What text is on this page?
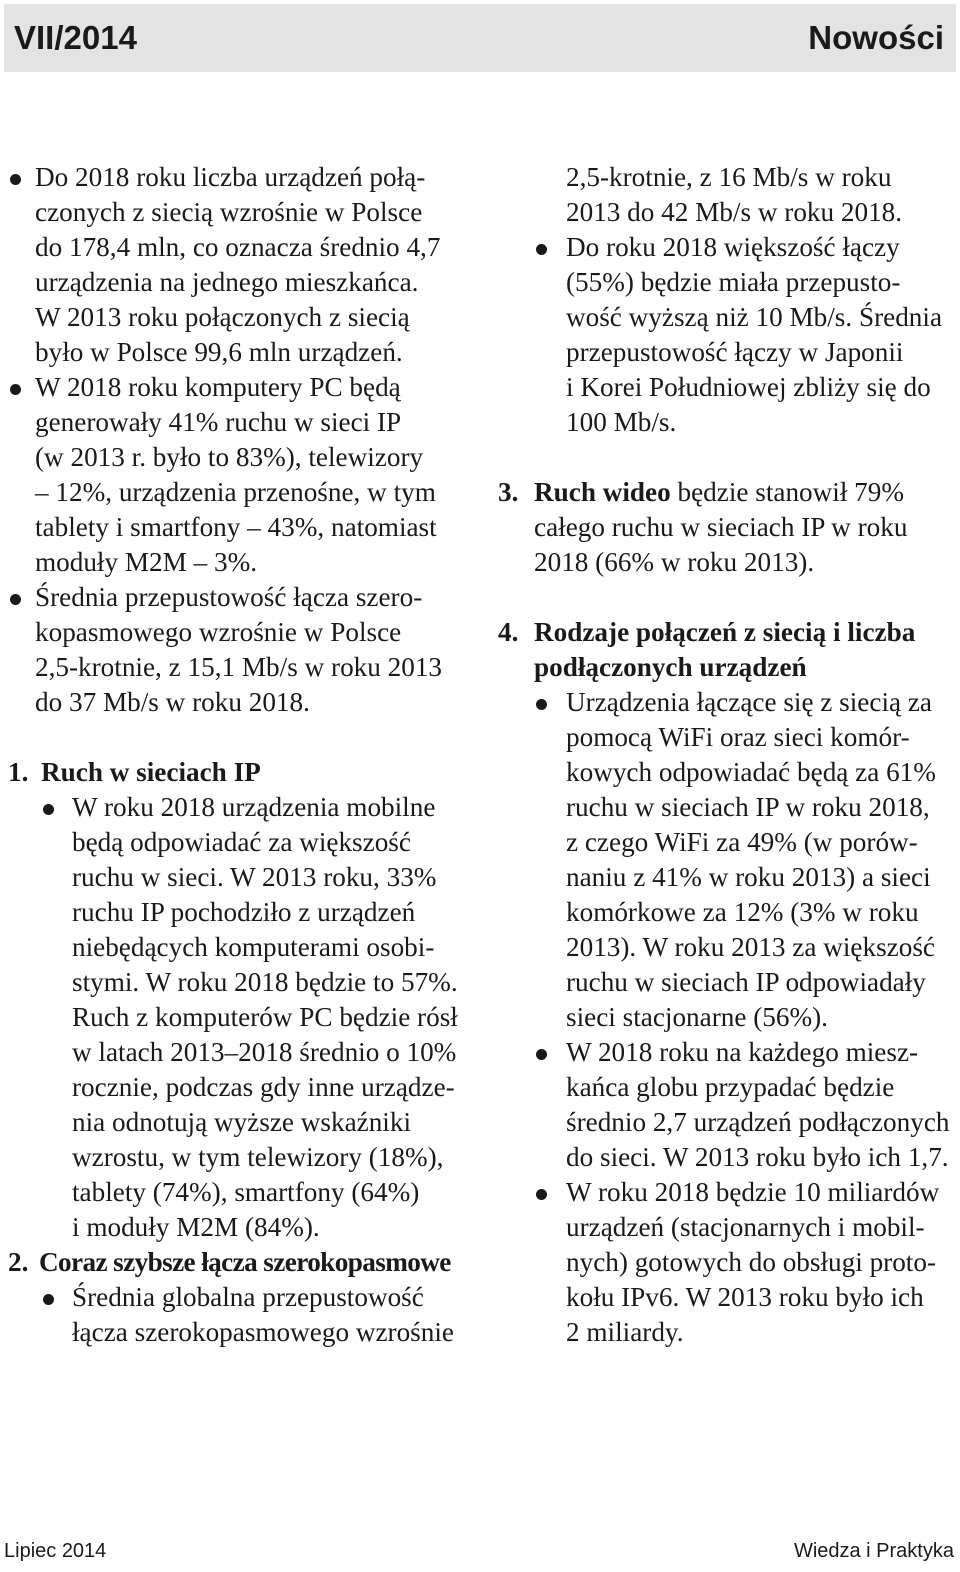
VII/2014	Nowości
Do 2018 roku liczba urządzeń połą-
czonych z siecią wzrośnie w Polsce
do 178,4 mln, co oznacza średnio 4,7
urządzenia na jednego mieszkańca.
W 2013 roku połączonych z siecią
było w Polsce 99,6 mln urządzeń.
W 2018 roku komputery PC będą
generowały 41% ruchu w sieci IP
(w 2013 r. było to 83%), telewizory
– 12%, urządzenia przenośne, w tym
tablety i smartfony – 43%, natomiast
moduły M2M – 3%.
Średnia przepustowość łącza szero-
kopasmowego wzrośnie w Polsce
2,5-krotnie, z 15,1 Mb/s w roku 2013
do 37 Mb/s w roku 2018.
1. Ruch w sieciach IP

W roku 2018 urządzenia mobilne
będą odpowiadać za większość
ruchu w sieci. W 2013 roku, 33%
ruchu IP pochodziło z urządzeń
niebędących komputerami osobi-
stymi. W roku 2018 będzie to 57%.
Ruch z komputerów PC będzie rósł
w latach 2013–2018 średnio o 10%
rocznie, podczas gdy inne urządze-
nia odnotują wyższe wskaźniki
wzrostu, w tym telewizory (18%),
tablety (74%), smartfony (64%)
i moduły M2M (84%).
2. Coraz szybsze łącza szerokopasmowe

Średnia globalna przepustowość
łącza szerokopasmowego wzrośnie
2,5-krotnie, z 16 Mb/s w roku
2013 do 42 Mb/s w roku 2018.
Do roku 2018 większość łączy
(55%) będzie miała przepusto-
wość wyższą niż 10 Mb/s. Średnia
przepustowość łączy w Japonii
i Korei Południowej zbliży się do
100 Mb/s.
3. Ruch wideo będzie stanowił 79%

całego ruchu w sieciach IP w roku
2018 (66% w roku 2013).
4. Rodzaje połączeń z siecią i liczba

podłączonych urządzeń

Urządzenia łączące się z siecią za
pomocą WiFi oraz sieci komór-
kowych odpowiadać będą za 61%
ruchu w sieciach IP w roku 2018,
z czego WiFi za 49% (w porów-
naniu z 41% w roku 2013) a sieci
komórkowe za 12% (3% w roku
2013). W roku 2013 za większość
ruchu w sieciach IP odpowiadały
sieci stacjonarne (56%).
W 2018 roku na każdego miesz-
kańca globu przypadać będzie
średnio 2,7 urządzeń podłączonych
do sieci. W 2013 roku było ich 1,7.
W roku 2018 będzie 10 miliardów
urządzeń (stacjonarnych i mobil-
nych) gotowych do obsługi proto-
kołu IPv6. W 2013 roku było ich
2 miliardy.
Lipiec 2014	Wiedza i Praktyka
